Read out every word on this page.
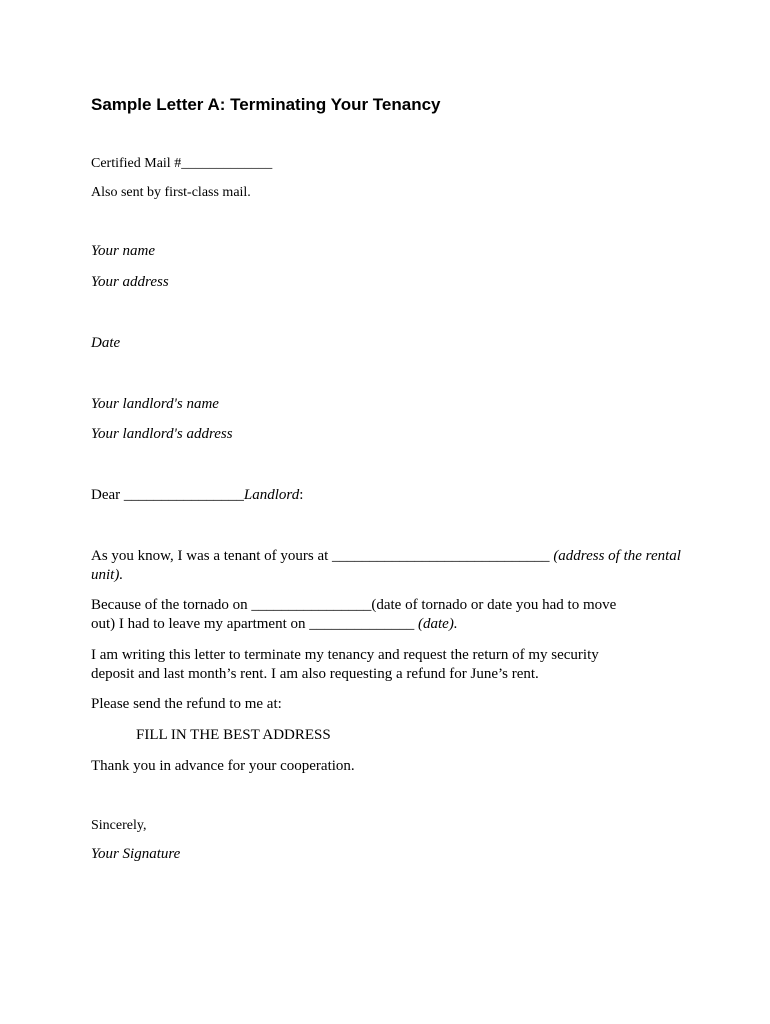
Sample Letter A: Terminating Your Tenancy
Certified Mail #_____________
Also sent by first-class mail.
Your name
Your address
Date
Your landlord's name
Your landlord's address
Dear ________________Landlord:
As you know, I was a tenant of yours at _____________________________ (address of the rental unit).
Because of the tornado on ________________(date of tornado or date you had to move
out) I had to leave my apartment on ______________ (date).
I am writing this letter to terminate my tenancy and request the return of my security
deposit and last month’s rent. I am also requesting a refund for June’s rent.
Please send the refund to me at:
FILL IN THE BEST ADDRESS
Thank you in advance for your cooperation.
Sincerely,
Your Signature
